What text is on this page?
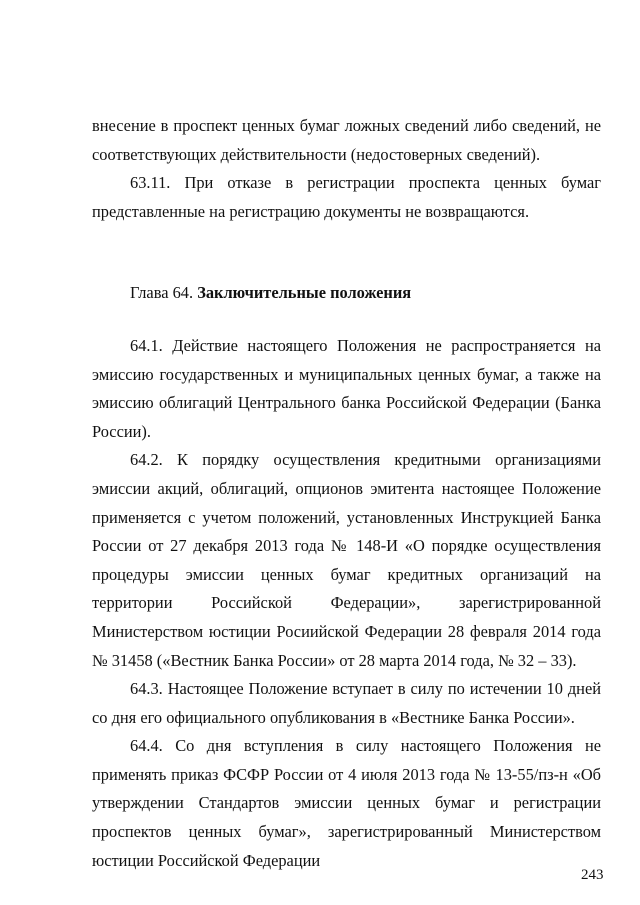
внесение в проспект ценных бумаг ложных сведений либо сведений, не соответствующих действительности (недостоверных сведений).

63.11. При отказе в регистрации проспекта ценных бумаг представленные на регистрацию документы не возвращаются.

Глава 64. Заключительные положения

64.1. Действие настоящего Положения не распространяется на эмиссию государственных и муниципальных ценных бумаг, а также на эмиссию облигаций Центрального банка Российской Федерации (Банка России).

64.2. К порядку осуществления кредитными организациями эмиссии акций, облигаций, опционов эмитента настоящее Положение применяется с учетом положений, установленных Инструкцией Банка России от 27 декабря 2013 года № 148-И «О порядке осуществления процедуры эмиссии ценных бумаг кредитных организаций на территории Российской Федерации», зарегистрированной Министерством юстиции Росиийской Федерации 28 февраля 2014 года № 31458 («Вестник Банка России» от 28 марта 2014 года, № 32 – 33).

64.3. Настоящее Положение вступает в силу по истечении 10 дней со дня его официального опубликования в «Вестнике Банка России».

64.4. Со дня вступления в силу настоящего Положения не применять приказ ФСФР России от 4 июля 2013 года № 13-55/пз-н «Об утверждении Стандартов эмиссии ценных бумаг и регистрации проспектов ценных бумаг», зарегистрированный Министерством юстиции Российской Федерации

243
